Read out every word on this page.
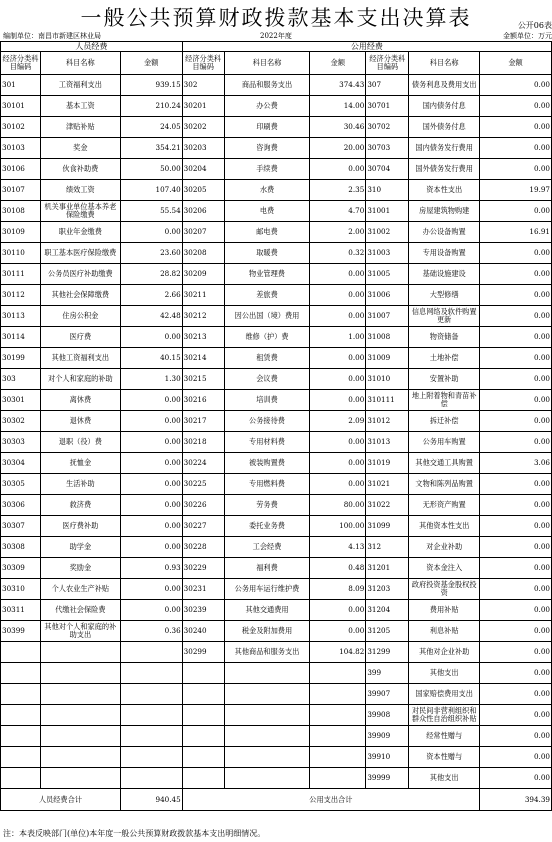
一般公共预算财政拨款基本支出决算表	公开06表
编制单位：南昌市新建区林业局	2022年度	金额单位：万元
人员经费			公用经费					
经济分类科目编码	科目名称	金额	经济分类科目编码	科目名称	金额	经济分类科目编码	科目名称	金额
301	工资福利支出	939.15	302	商品和服务支出	374.43	307	债务利息及费用支出	0.00
30101	基本工资	210.24	30201	办公费	14.00	30701	国内债务付息	0.00
30102	津贴补贴	24.05	30202	印刷费	30.46	30702	国外债务付息	0.00
30103	奖金	354.21	30203	咨询费	20.00	30703	国内债务发行费用	0.00
30106	伙食补助费	50.00	30204	手续费	0.00	30704	国外债务发行费用	0.00
30107	绩效工资	107.40	30205	水费	2.35	310	资本性支出	19.97
30108	机关事业单位基本养老保险缴费	55.54	30206	电费	4.70	31001	房屋建筑物购建	0.00
30109	职业年金缴费	0.00	30207	邮电费	2.00	31002	办公设备购置	16.91
30110	职工基本医疗保险缴费	23.60	30208	取暖费	0.32	31003	专用设备购置	0.00
30111	公务员医疗补助缴费	28.82	30209	物业管理费	0.00	31005	基础设施建设	0.00
30112	其他社会保障缴费	2.66	30211	差旅费	0.00	31006	大型修缮	0.00
30113	住房公积金	42.48	30212	因公出国（境）费用	0.00	31007	信息网络及软件购置更新	0.00
30114	医疗费	0.00	30213	维修（护）费	1.00	31008	物资储备	0.00
30199	其他工资福利支出	40.15	30214	租赁费	0.00	31009	土地补偿	0.00
303	对个人和家庭的补助	1.30	30215	会议费	0.00	31010	安置补助	0.00
30301	离休费	0.00	30216	培训费	0.00	310111	地上附着物和青苗补偿	0.00
30302	退休费	0.00	30217	公务接待费	2.09	31012	拆迁补偿	0.00
30303	退职（役）费	0.00	30218	专用材料费	0.00	31013	公务用车购置	0.00
30304	抚恤金	0.00	30224	被装购置费	0.00	31019	其他交通工具购置	3.06
30305	生活补助	0.00	30225	专用燃料费	0.00	31021	文物和陈列品购置	0.00
30306	救济费	0.00	30226	劳务费	80.00	31022	无形资产购置	0.00
30307	医疗费补助	0.00	30227	委托业务费	100.00	31099	其他资本性支出	0.00
30308	助学金	0.00	30228	工会经费	4.13	312	对企业补助	0.00
30309	奖励金	0.93	30229	福利费	0.48	31201	资本金注入	0.00
30310	个人农业生产补贴	0.00	30231	公务用车运行维护费	8.09	31203	政府投资基金股权投资	0.00
30311	代缴社会保险费	0.00	30239	其他交通费用	0.00	31204	费用补贴	0.00
30399	其他对个人和家庭的补助支出	0.36	30240	税金及附加费用	0.00	31205	利息补贴	0.00
			30299	其他商品和服务支出	104.82	31299	其他对企业补助	0.00
						399	其他支出	0.00
						39907	国家赔偿费用支出	0.00
						39908	对民间非营利组织和群众性自治组织补贴	0.00
						39909	经常性赠与	0.00
						39910	资本性赠与	0.00
						39999	其他支出	0.00
人员经费合计		940.45	公用支出合计					394.39
注：本表反映部门(单位)本年度一般公共预算财政拨款基本支出明细情况。
